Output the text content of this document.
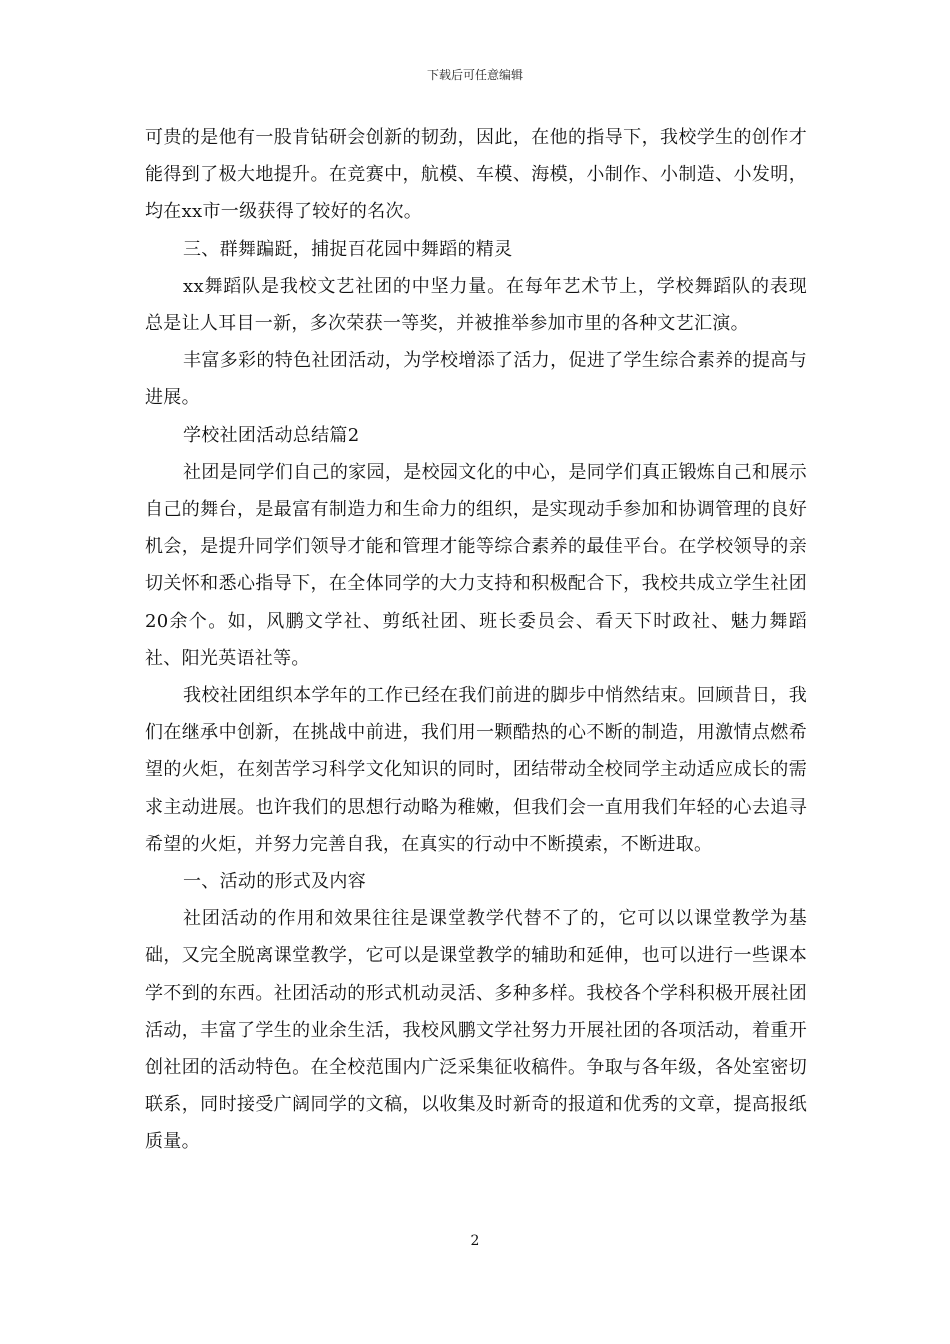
下载后可任意编辑

可贵的是他有一股肯钻研会创新的韧劲，因此，在他的指导下，我校学生的创作才能得到了极大地提升。在竞赛中，航模、车模、海模，小制作、小制造、小发明，均在xx市一级获得了较好的名次。

三、群舞蹁跹，捕捉百花园中舞蹈的精灵

xx舞蹈队是我校文艺社团的中坚力量。在每年艺术节上，学校舞蹈队的表现总是让人耳目一新，多次荣获一等奖，并被推举参加市里的各种文艺汇演。

丰富多彩的特色社团活动，为学校增添了活力，促进了学生综合素养的提高与进展。

学校社团活动总结篇2

社团是同学们自己的家园，是校园文化的中心，是同学们真正锻炼自己和展示自己的舞台，是最富有制造力和生命力的组织，是实现动手参加和协调管理的良好机会，是提升同学们领导才能和管理才能等综合素养的最佳平台。在学校领导的亲切关怀和悉心指导下，在全体同学的大力支持和积极配合下，我校共成立学生社团20余个。如，风鹏文学社、剪纸社团、班长委员会、看天下时政社、魅力舞蹈社、阳光英语社等。

我校社团组织本学年的工作已经在我们前进的脚步中悄然结束。回顾昔日，我们在继承中创新，在挑战中前进，我们用一颗酷热的心不断的制造，用激情点燃希望的火炬，在刻苦学习科学文化知识的同时，团结带动全校同学主动适应成长的需求主动进展。也许我们的思想行动略为稚嫩，但我们会一直用我们年轻的心去追寻希望的火炬，并努力完善自我，在真实的行动中不断摸索，不断进取。

一、活动的形式及内容

社团活动的作用和效果往往是课堂教学代替不了的，它可以以课堂教学为基础，又完全脱离课堂教学，它可以是课堂教学的辅助和延伸，也可以进行一些课本学不到的东西。社团活动的形式机动灵活、多种多样。我校各个学科积极开展社团活动，丰富了学生的业余生活，我校风鹏文学社努力开展社团的各项活动，着重开创社团的活动特色。在全校范围内广泛采集征收稿件。争取与各年级，各处室密切联系，同时接受广阔同学的文稿，以收集及时新奇的报道和优秀的文章，提高报纸质量。

2
